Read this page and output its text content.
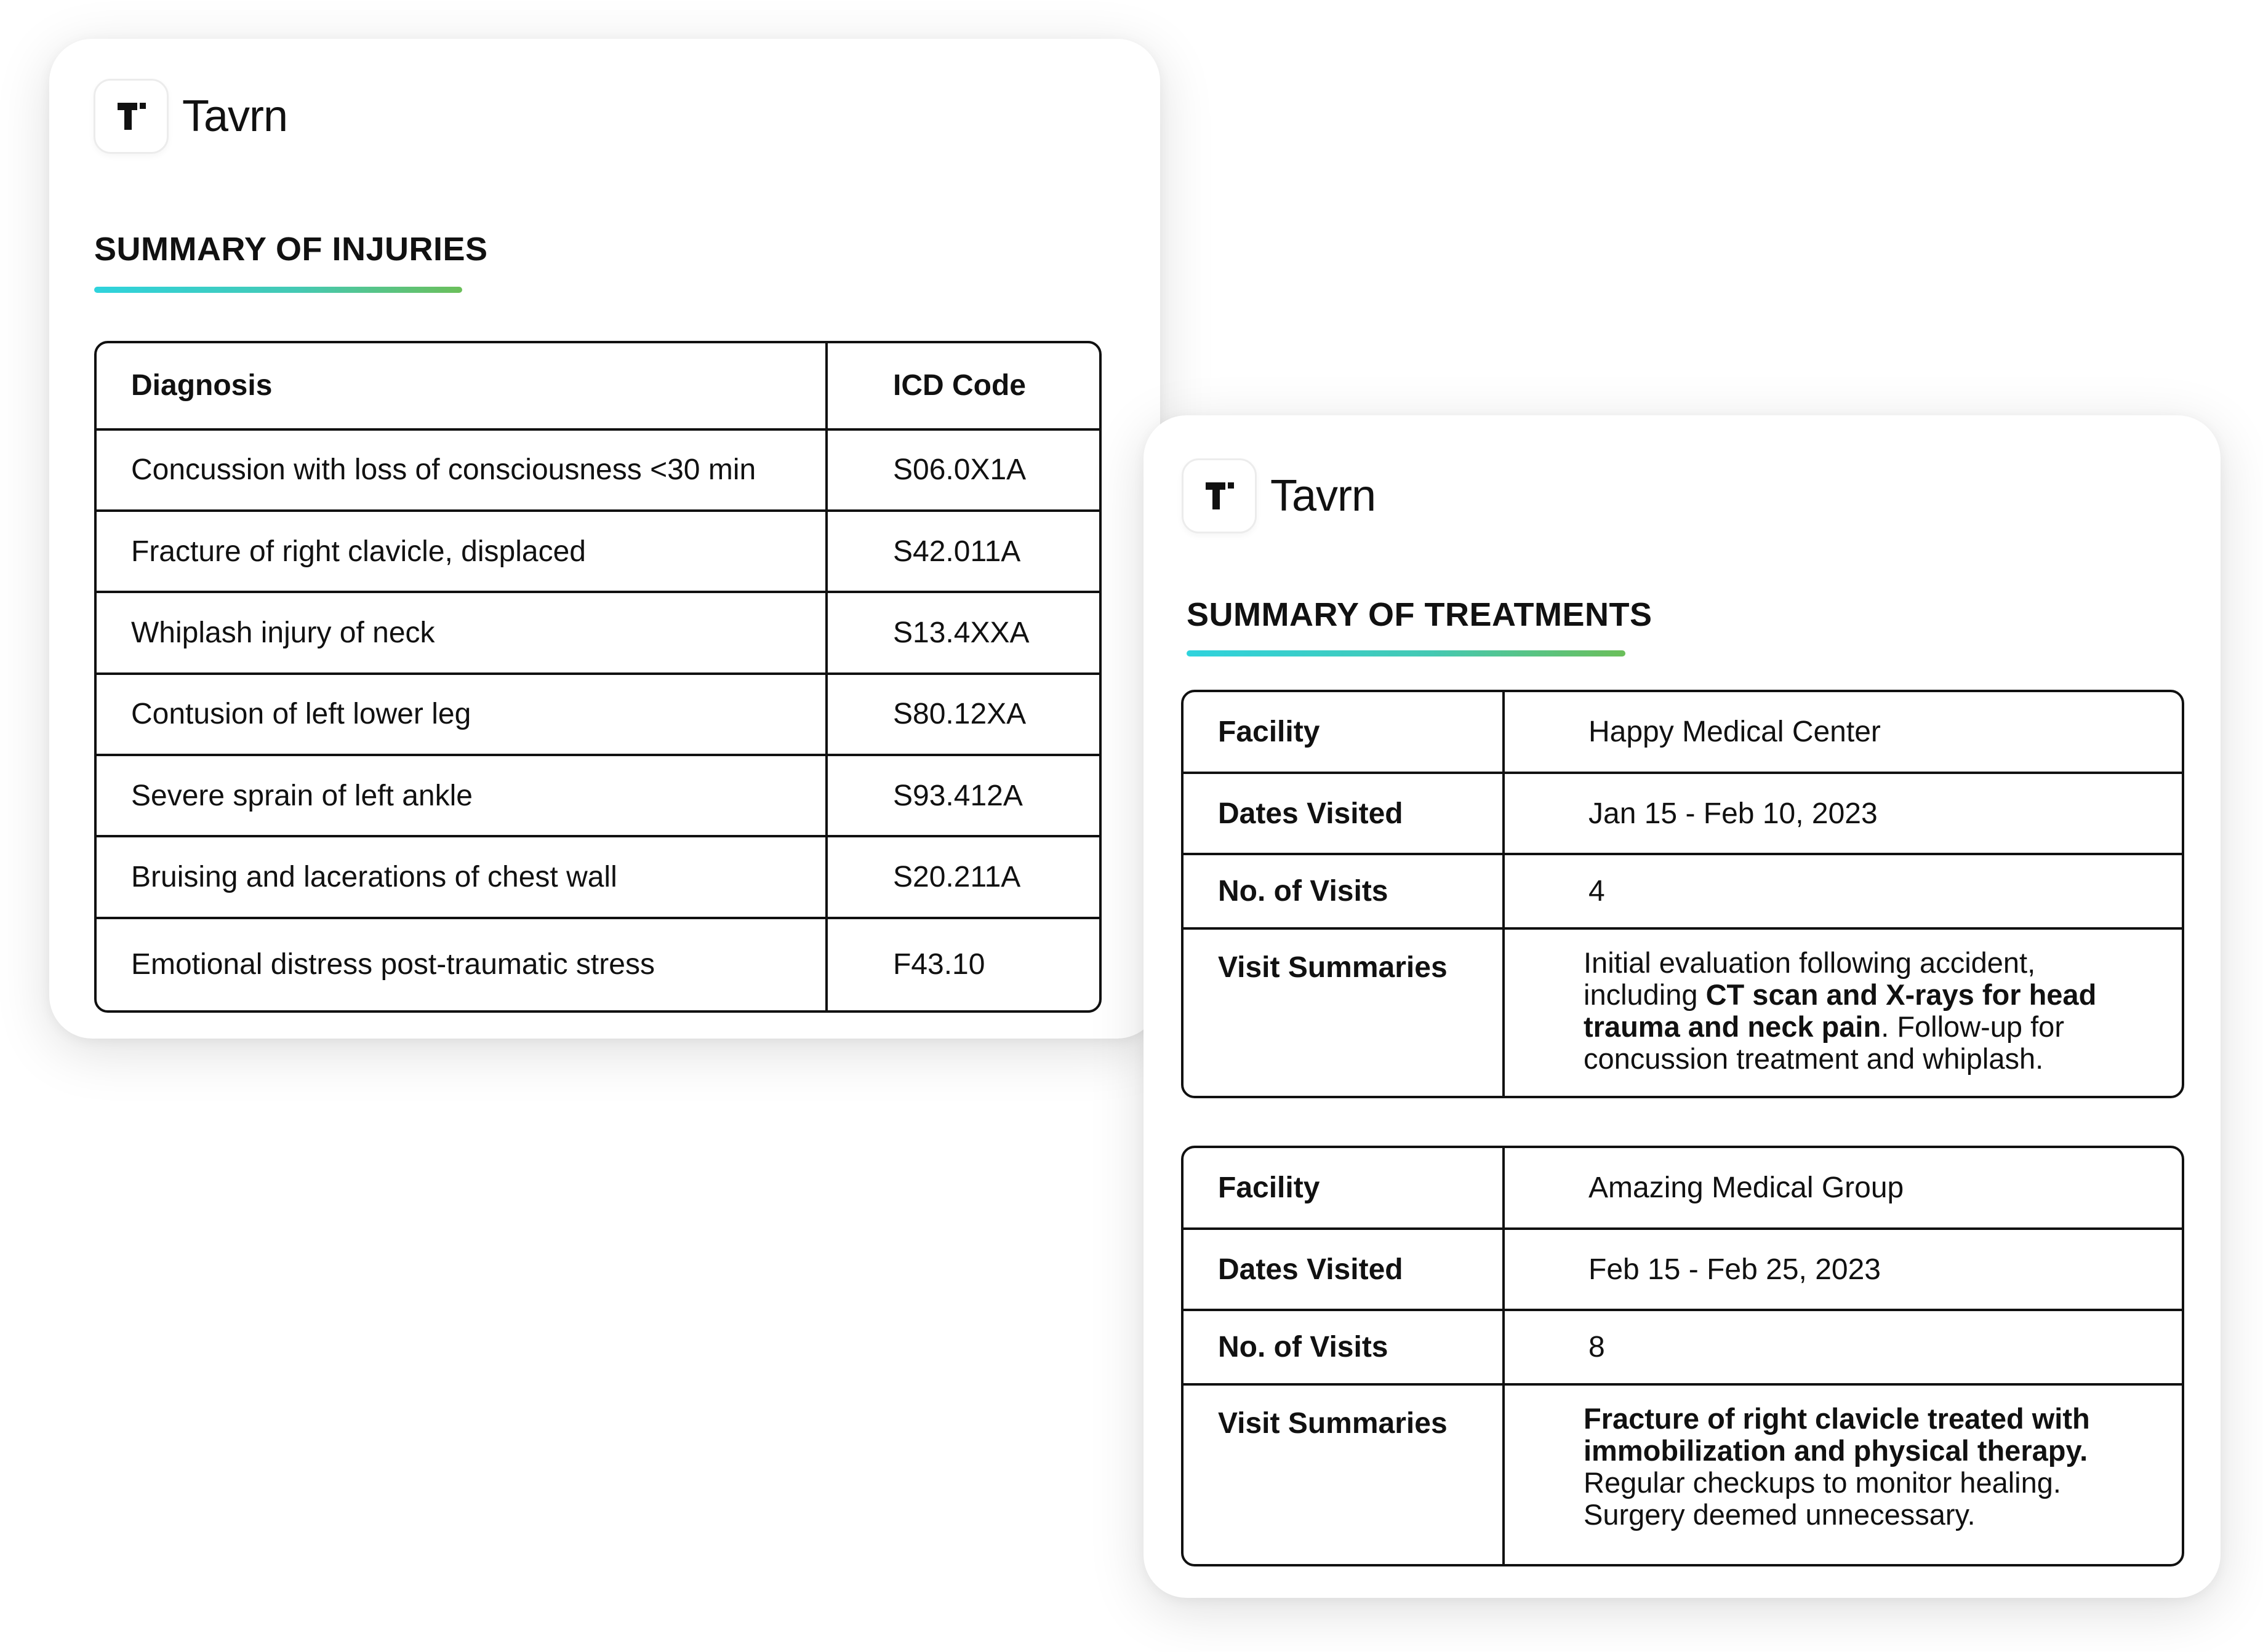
Tavrn
SUMMARY OF INJURIES
Diagnosis	ICD Code
Concussion with loss of consciousness <30 min	S06.0X1A
Fracture of right clavicle, displaced	S42.011A
Whiplash injury of neck	S13.4XXA
Contusion of left lower leg	S80.12XA
Severe sprain of left ankle	S93.412A
Bruising and lacerations of chest wall	S20.211A
Emotional distress post-traumatic stress	F43.10
Tavrn
SUMMARY OF TREATMENTS
Facility	Happy Medical Center
Dates Visited	Jan 15 - Feb 10, 2023
No. of Visits	4
Visit Summaries	Initial evaluation following accident, including CT scan and X-rays for head trauma and neck pain. Follow-up for concussion treatment and whiplash.
Facility	Amazing Medical Group
Dates Visited	Feb 15 - Feb 25, 2023
No. of Visits	8
Visit Summaries	Fracture of right clavicle treated with immobilization and physical therapy. Regular checkups to monitor healing. Surgery deemed unnecessary.
